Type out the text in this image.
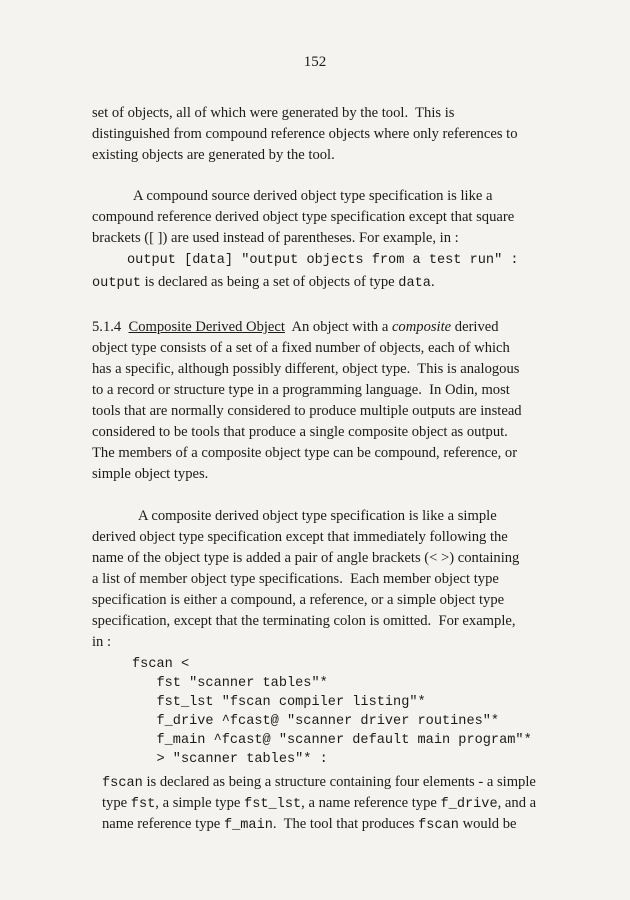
152
set of objects, all of which were generated by the tool.  This is
distinguished from compound reference objects where only references to
existing objects are generated by the tool.
A compound source derived object type specification is like a
compound reference derived object type specification except that square
brackets ([ ]) are used instead of parentheses. For example, in :
output [data] "output objects from a test run" :
output is declared as being a set of objects of type data.
5.1.4 Composite Derived Object An object with a composite derived
object type consists of a set of a fixed number of objects, each of which
has a specific, although possibly different, object type.  This is analogous
to a record or structure type in a programming language.  In Odin, most
tools that are normally considered to produce multiple outputs are instead
considered to be tools that produce a single composite object as output.
The members of a composite object type can be compound, reference, or
simple object types.
A composite derived object type specification is like a simple
derived object type specification except that immediately following the
name of the object type is added a pair of angle brackets (< >) containing
a list of member object type specifications.  Each member object type
specification is either a compound, a reference, or a simple object type
specification, except that the terminating colon is omitted.  For example,
in :
fscan <
fst "scanner tables"*
fst_lst "fscan compiler listing"*
f_drive ^fcast@ "scanner driver routines"*
f_main ^fcast@ "scanner default main program"*
> "scanner tables"* :
fscan is declared as being a structure containing four elements - a simple
type fst, a simple type fst_lst, a name reference type f_drive, and a
name reference type f_main.  The tool that produces fscan would be
